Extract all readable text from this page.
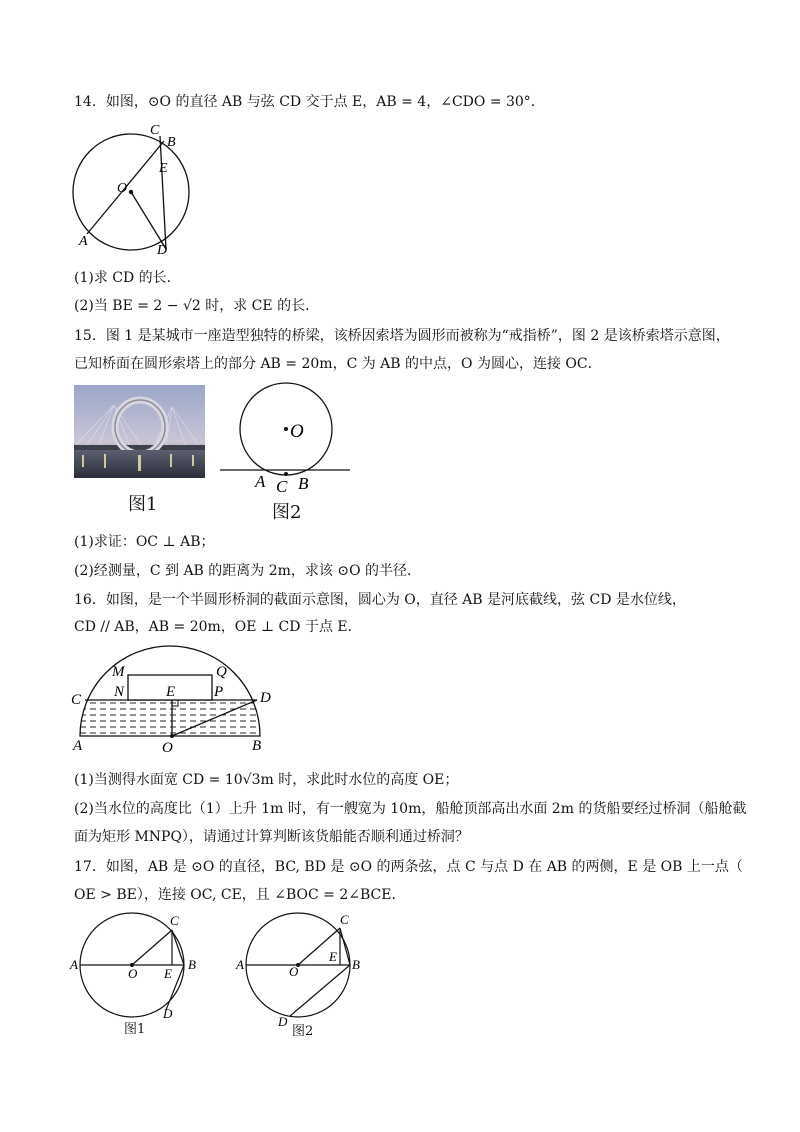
14．如图，⊙O 的直径 AB 与弦 CD 交于点 E，AB = 4，∠CDO = 30°．
C
B
E
O
A
D
(1)求 CD 的长．
(2)当 BE = 2 − √2 时，求 CE 的长．
15．图 1 是某城市一座造型独特的桥梁，该桥因索塔为圆形而被称为“戒指桥”，图 2 是该桥索塔示意图，
已知桥面在圆形索塔上的部分 AB = 20m，C 为 AB 的中点，O 为圆心，连接 OC．
图1
O
A C B
图2
(1)求证：OC ⊥ AB；
(2)经测量，C 到 AB 的距离为 2m，求该 ⊙O 的半径．
16．如图，是一个半圆形桥洞的截面示意图，圆心为 O，直径 AB 是河底截线，弦 CD 是水位线，
CD // AB，AB = 20m，OE ⊥ CD 于点 E．
M	Q
N	E	P
C	D
A	O	B
(1)当测得水面宽 CD = 10√3m 时，求此时水位的高度 OE；
(2)当水位的高度比（1）上升 1m 时，有一艘宽为 10m，船舱顶部高出水面 2m 的货船要经过桥洞（船舱截
面为矩形 MNPQ），请通过计算判断该货船能否顺利通过桥洞？
17．如图，AB 是 ⊙O 的直径，BC, BD 是 ⊙O 的两条弦，点 C 与点 D 在 AB 的两侧，E 是 OB 上一点（
OE > BE），连接 OC, CE，且 ∠BOC = 2∠BCE．
A
O E
B
C
D
图1
A	O
E
B
C
D
图2
